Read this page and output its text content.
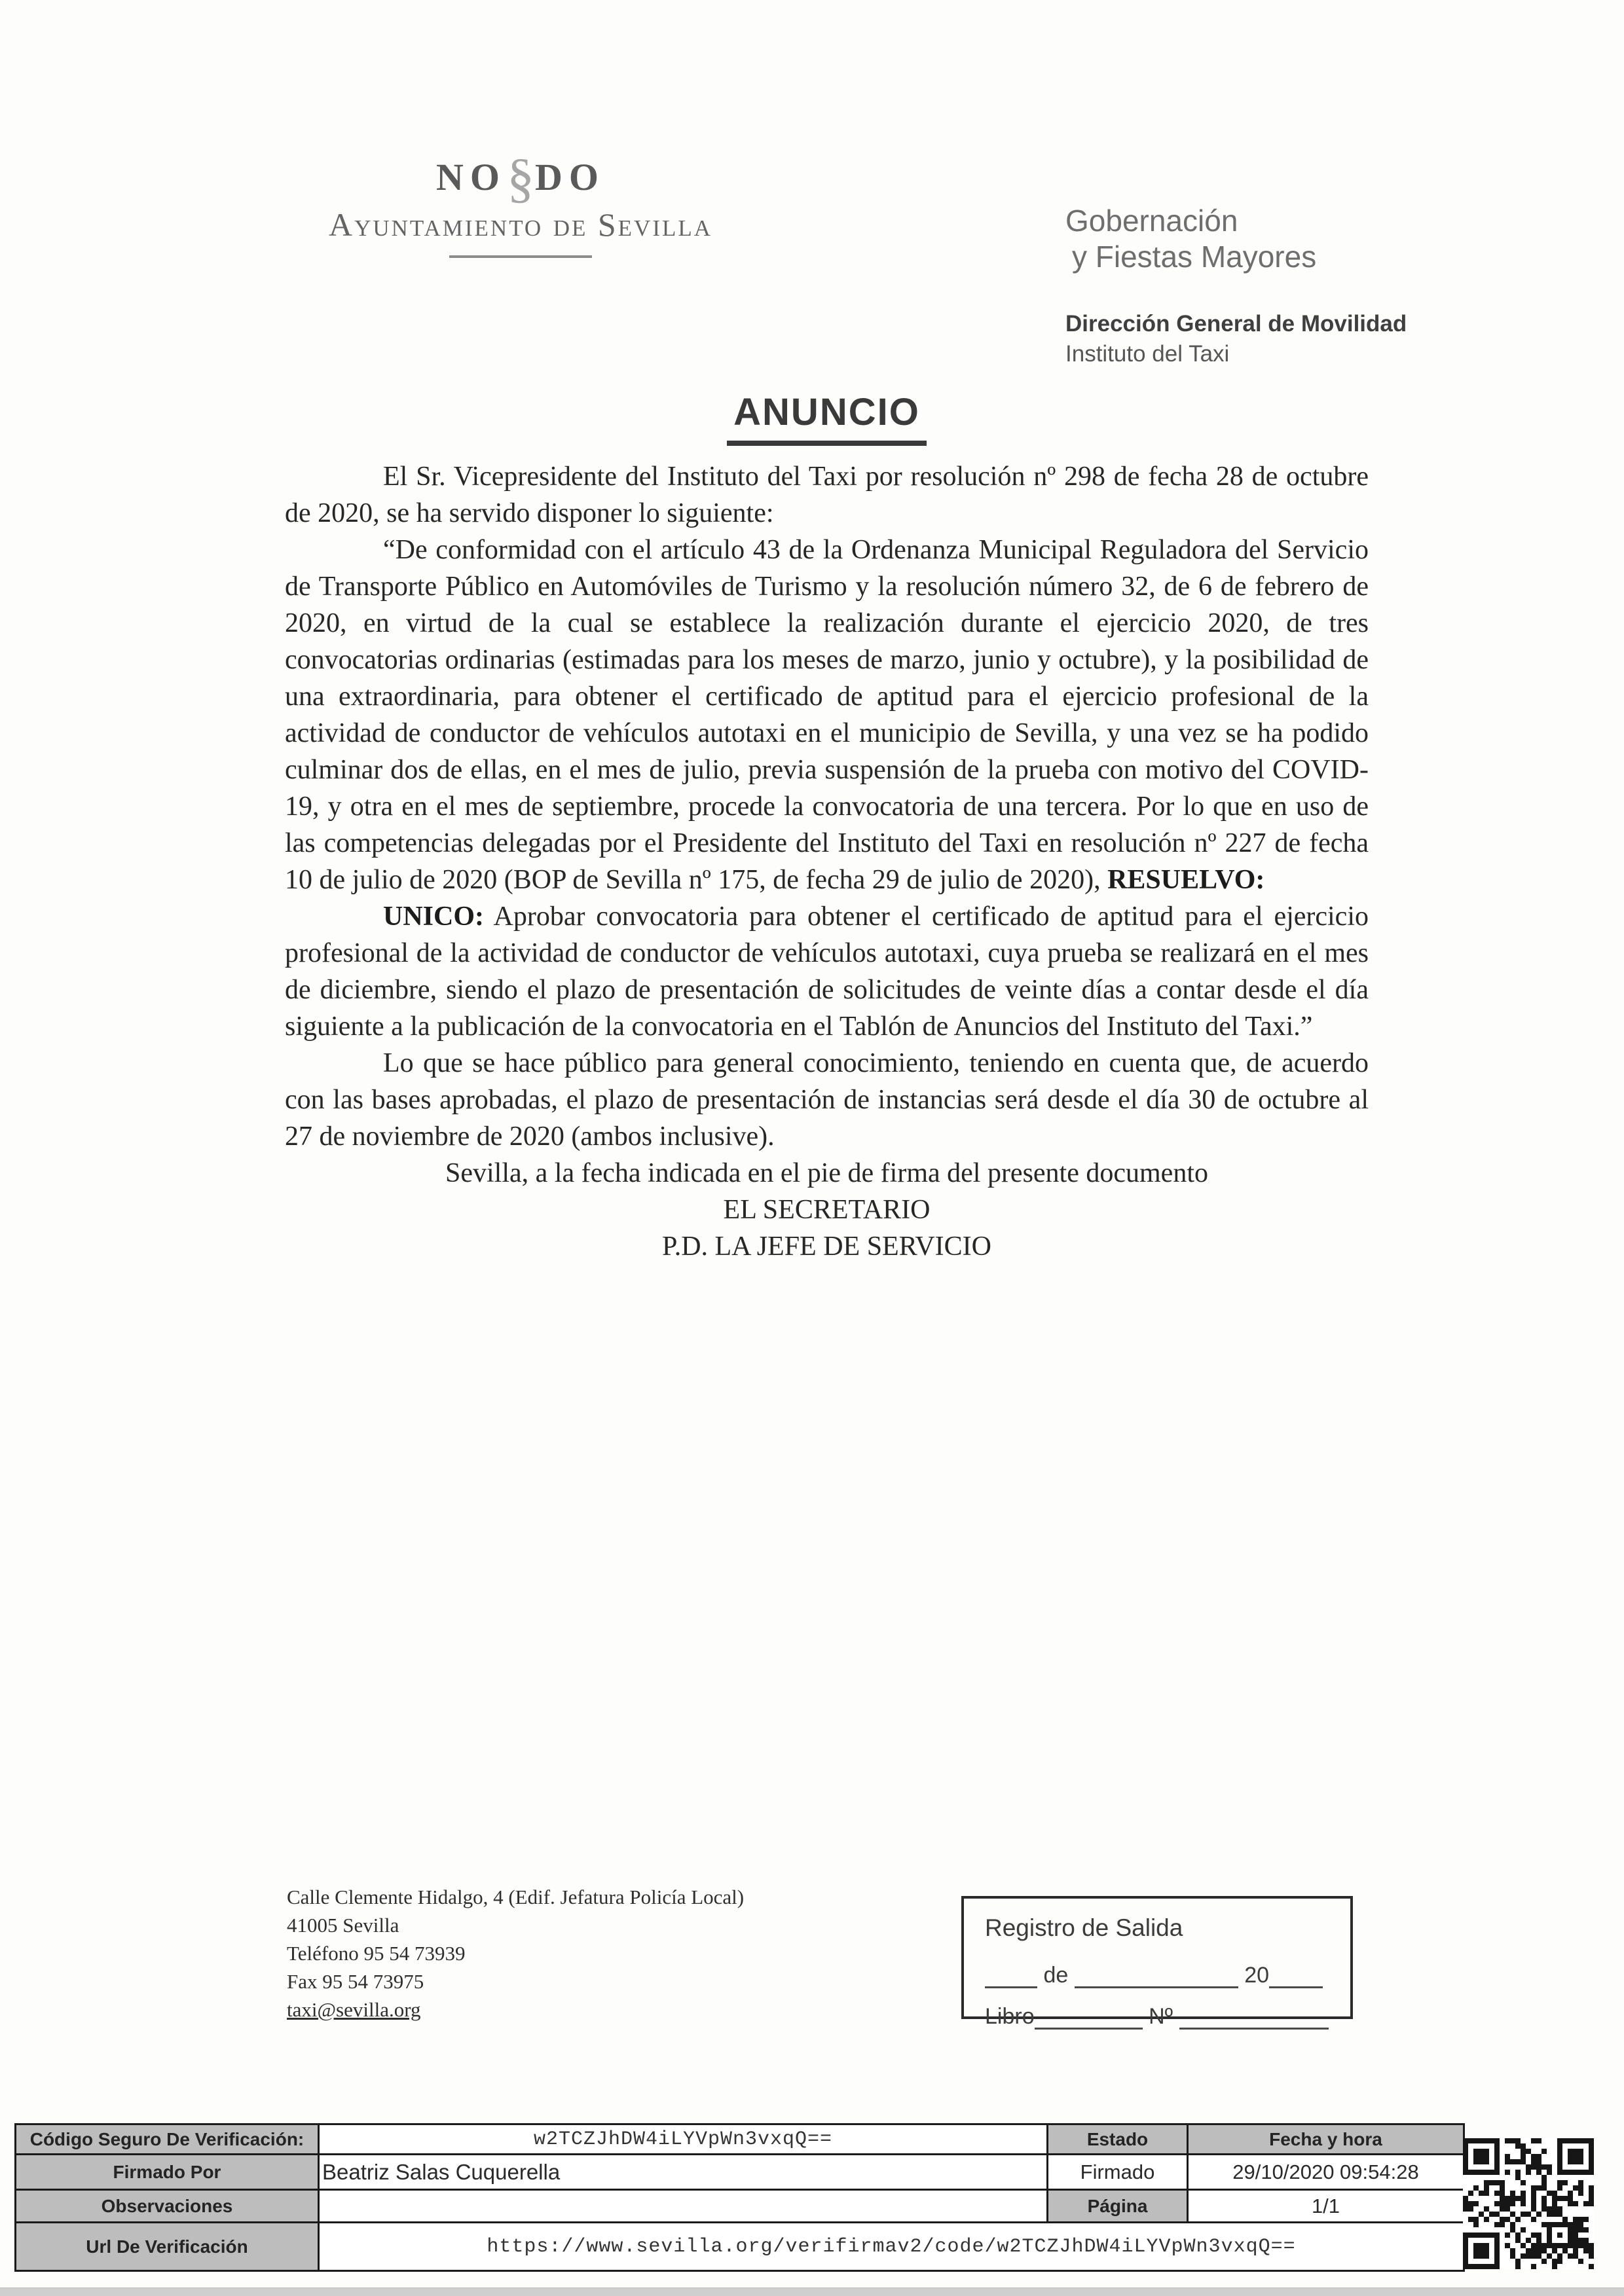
NO§DO
Ayuntamiento de Sevilla	Gobernación
y Fiestas Mayores
Dirección General de Movilidad
Instituto del Taxi
ANUNCIO

El Sr. Vicepresidente del Instituto del Taxi por resolución nº 298 de fecha 28 de octubre de 2020, se ha servido disponer lo siguiente:

“De conformidad con el artículo 43 de la Ordenanza Municipal Reguladora del Servicio de Transporte Público en Automóviles de Turismo y la resolución número 32, de 6 de febrero de 2020, en virtud de la cual se establece la realización durante el ejercicio 2020, de tres convocatorias ordinarias (estimadas para los meses de marzo, junio y octubre), y la posibilidad de una extraordinaria, para obtener el certificado de aptitud para el ejercicio profesional de la actividad de conductor de vehículos autotaxi en el municipio de Sevilla, y una vez se ha podido culminar dos de ellas, en el mes de julio, previa suspensión de la prueba con motivo del COVID-19, y otra en el mes de septiembre, procede la convocatoria de una tercera. Por lo que en uso de las competencias delegadas por el Presidente del Instituto del Taxi en resolución nº 227 de fecha 10 de julio de 2020 (BOP de Sevilla nº 175, de fecha 29 de julio de 2020), RESUELVO:

UNICO: Aprobar convocatoria para obtener el certificado de aptitud para el ejercicio profesional de la actividad de conductor de vehículos autotaxi, cuya prueba se realizará en el mes de diciembre, siendo el plazo de presentación de solicitudes de veinte días a contar desde el día siguiente a la publicación de la convocatoria en el Tablón de Anuncios del Instituto del Taxi.”

Lo que se hace público para general conocimiento, teniendo en cuenta que, de acuerdo con las bases aprobadas, el plazo de presentación de instancias será desde el día 30 de octubre al 27 de noviembre de 2020 (ambos inclusive).

Sevilla, a la fecha indicada en el pie de firma del presente documento

EL SECRETARIO

P.D. LA JEFE DE SERVICIO

Calle Clemente Hidalgo, 4 (Edif. Jefatura Policía Local)
41005 Sevilla
Teléfono 95 54 73939
Fax 95 54 73975
taxi@sevilla.org
Registro de Salida
de	20
Libro	Nº
Código Seguro De Verificación:	w2TCZJhDW4iLYVpWn3vxqQ==	Estado	Fecha y hora
Firmado Por	Beatriz Salas Cuquerella	Firmado	29/10/2020 09:54:28
Observaciones		Página	1/1
Url De Verificación	https://www.sevilla.org/verifirmav2/code/w2TCZJhDW4iLYVpWn3vxqQ==		
